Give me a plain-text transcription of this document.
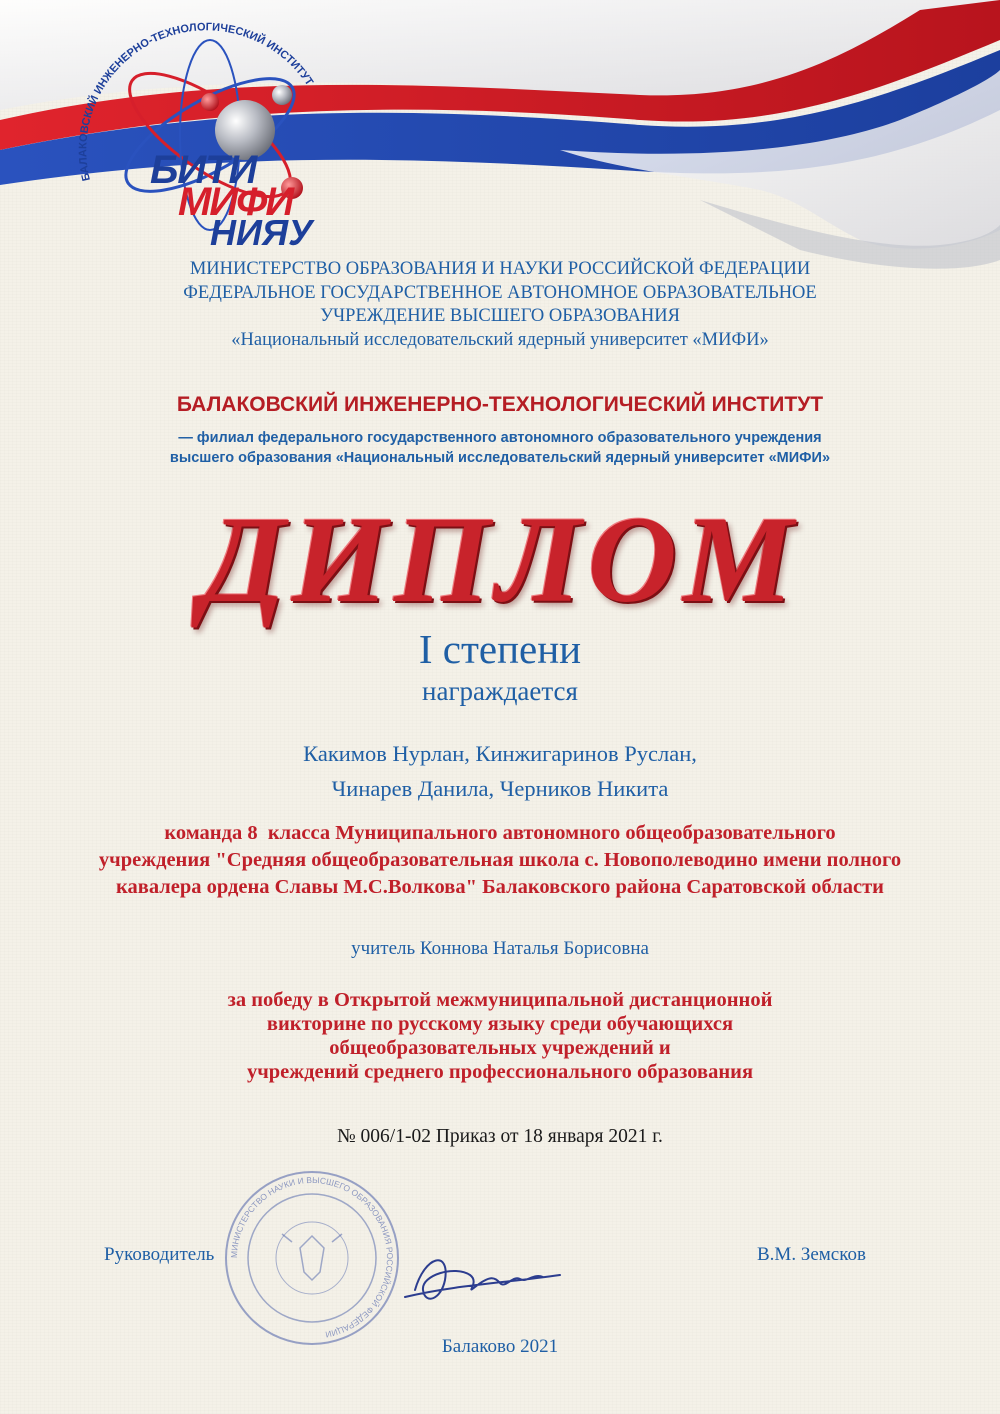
БАЛАКОВСКИЙ ИНЖЕНЕРНО-ТЕХНОЛОГИЧЕСКИЙ ИНСТИТУТ
БИТИ
МИФИ
НИЯУ
МИНИСТЕРСТВО ОБРАЗОВАНИЯ И НАУКИ РОССИЙСКОЙ ФЕДЕРАЦИИ
ФЕДЕРАЛЬНОЕ ГОСУДАРСТВЕННОЕ АВТОНОМНОЕ ОБРАЗОВАТЕЛЬНОЕ
УЧРЕЖДЕНИЕ ВЫСШЕГО ОБРАЗОВАНИЯ
«Национальный исследовательский ядерный университет «МИФИ»
БАЛАКОВСКИЙ ИНЖЕНЕРНО-ТЕХНОЛОГИЧЕСКИЙ ИНСТИТУТ
— филиал федерального государственного автономного образовательного учреждения
высшего образования «Национальный исследовательский ядерный университет «МИФИ»
ДИПЛОМ
I степени
награждается
Какимов Нурлан, Кинжигаринов Руслан,
Чинарев Данила, Черников Никита
команда 8  класса Муниципального автономного общеобразовательного
учреждения "Средняя общеобразовательная школа с. Новополеводино имени полного
кавалера ордена Славы М.С.Волкова" Балаковского района Саратовской области
учитель Коннова Наталья Борисовна
за победу в Открытой межмуниципальной дистанционной
викторине по русскому языку среди обучающихся
общеобразовательных учреждений и
учреждений среднего профессионального образования
№ 006/1-02 Приказ от 18 января 2021 г.
МИНИСТЕРСТВО НАУКИ И ВЫСШЕГО ОБРАЗОВАНИЯ РОССИЙСКОЙ ФЕДЕРАЦИИ
Руководитель	В.М. Земсков
Балаково 2021
